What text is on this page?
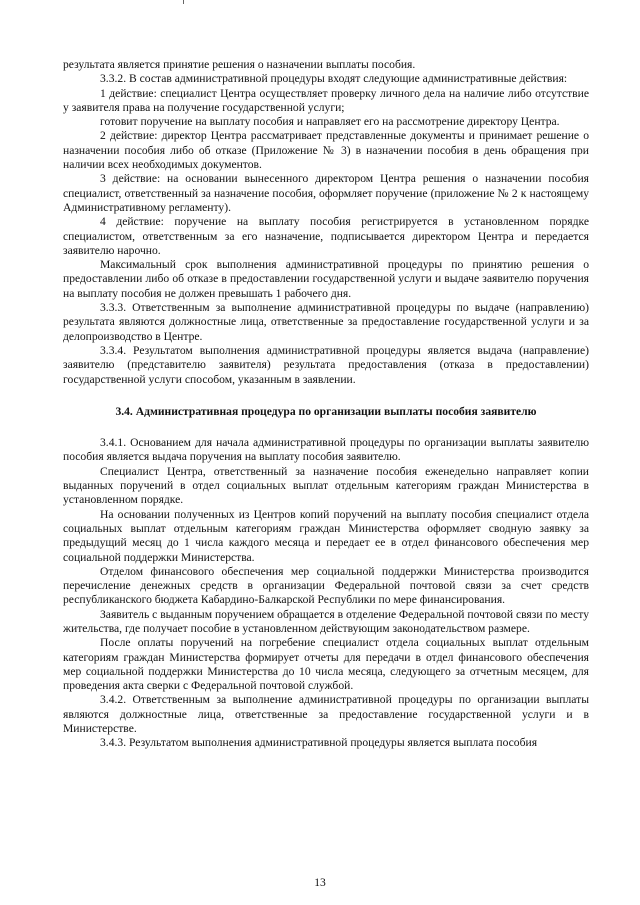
результата является принятие решения о назначении выплаты пособия.

3.3.2. В состав административной процедуры входят следующие административные действия:

1 действие: специалист Центра осуществляет проверку личного дела на наличие либо отсутствие у заявителя права на получение государственной услуги;

готовит поручение на выплату пособия и направляет его на рассмотрение директору Центра.

2 действие: директор Центра рассматривает представленные документы и принимает решение о назначении пособия либо об отказе (Приложение № 3) в назначении пособия в день обращения при наличии всех необходимых документов.

3 действие: на основании вынесенного директором Центра решения о назначении пособия специалист, ответственный за назначение пособия, оформляет поручение (приложение № 2 к настоящему Административному регламенту).

4 действие: поручение на выплату пособия регистрируется в установленном порядке специалистом, ответственным за его назначение, подписывается директором Центра и передается заявителю нарочно.

Максимальный срок выполнения административной процедуры по принятию решения о предоставлении либо об отказе в предоставлении государственной услуги и выдаче заявителю поручения на выплату пособия не должен превышать 1 рабочего дня.

3.3.3. Ответственным за выполнение административной процедуры по выдаче (направлению) результата являются должностные лица, ответственные за предоставление государственной услуги и за делопроизводство в Центре.

3.3.4. Результатом выполнения административной процедуры является выдача (направление) заявителю (представителю заявителя) результата предоставления (отказа в предоставлении) государственной услуги способом, указанным в заявлении.

3.4. Административная процедура по организации выплаты пособия заявителю

3.4.1. Основанием для начала административной процедуры по организации выплаты заявителю пособия является выдача поручения на выплату пособия заявителю.

Специалист Центра, ответственный за назначение пособия еженедельно направляет копии выданных поручений в отдел социальных выплат отдельным категориям граждан Министерства в установленном порядке.

На основании полученных из Центров копий поручений на выплату пособия специалист отдела социальных выплат отдельным категориям граждан Министерства оформляет сводную заявку за предыдущий месяц до 1 числа каждого месяца и передает ее в отдел финансового обеспечения мер социальной поддержки Министерства.

Отделом финансового обеспечения мер социальной поддержки Министерства производится перечисление денежных средств в организации Федеральной почтовой связи за счет средств республиканского бюджета Кабардино-Балкарской Республики по мере финансирования.

Заявитель с выданным поручением обращается в отделение Федеральной почтовой связи по месту жительства, где получает пособие в установленном действующим законодательством размере.

После оплаты поручений на погребение специалист отдела социальных выплат отдельным категориям граждан Министерства формирует отчеты для передачи в отдел финансового обеспечения мер социальной поддержки Министерства до 10 числа месяца, следующего за отчетным месяцем, для проведения акта сверки с Федеральной почтовой службой.

3.4.2. Ответственным за выполнение административной процедуры по организации выплаты являются должностные лица, ответственные за предоставление государственной услуги и в Министерстве.

3.4.3. Результатом выполнения административной процедуры является выплата пособия

13
